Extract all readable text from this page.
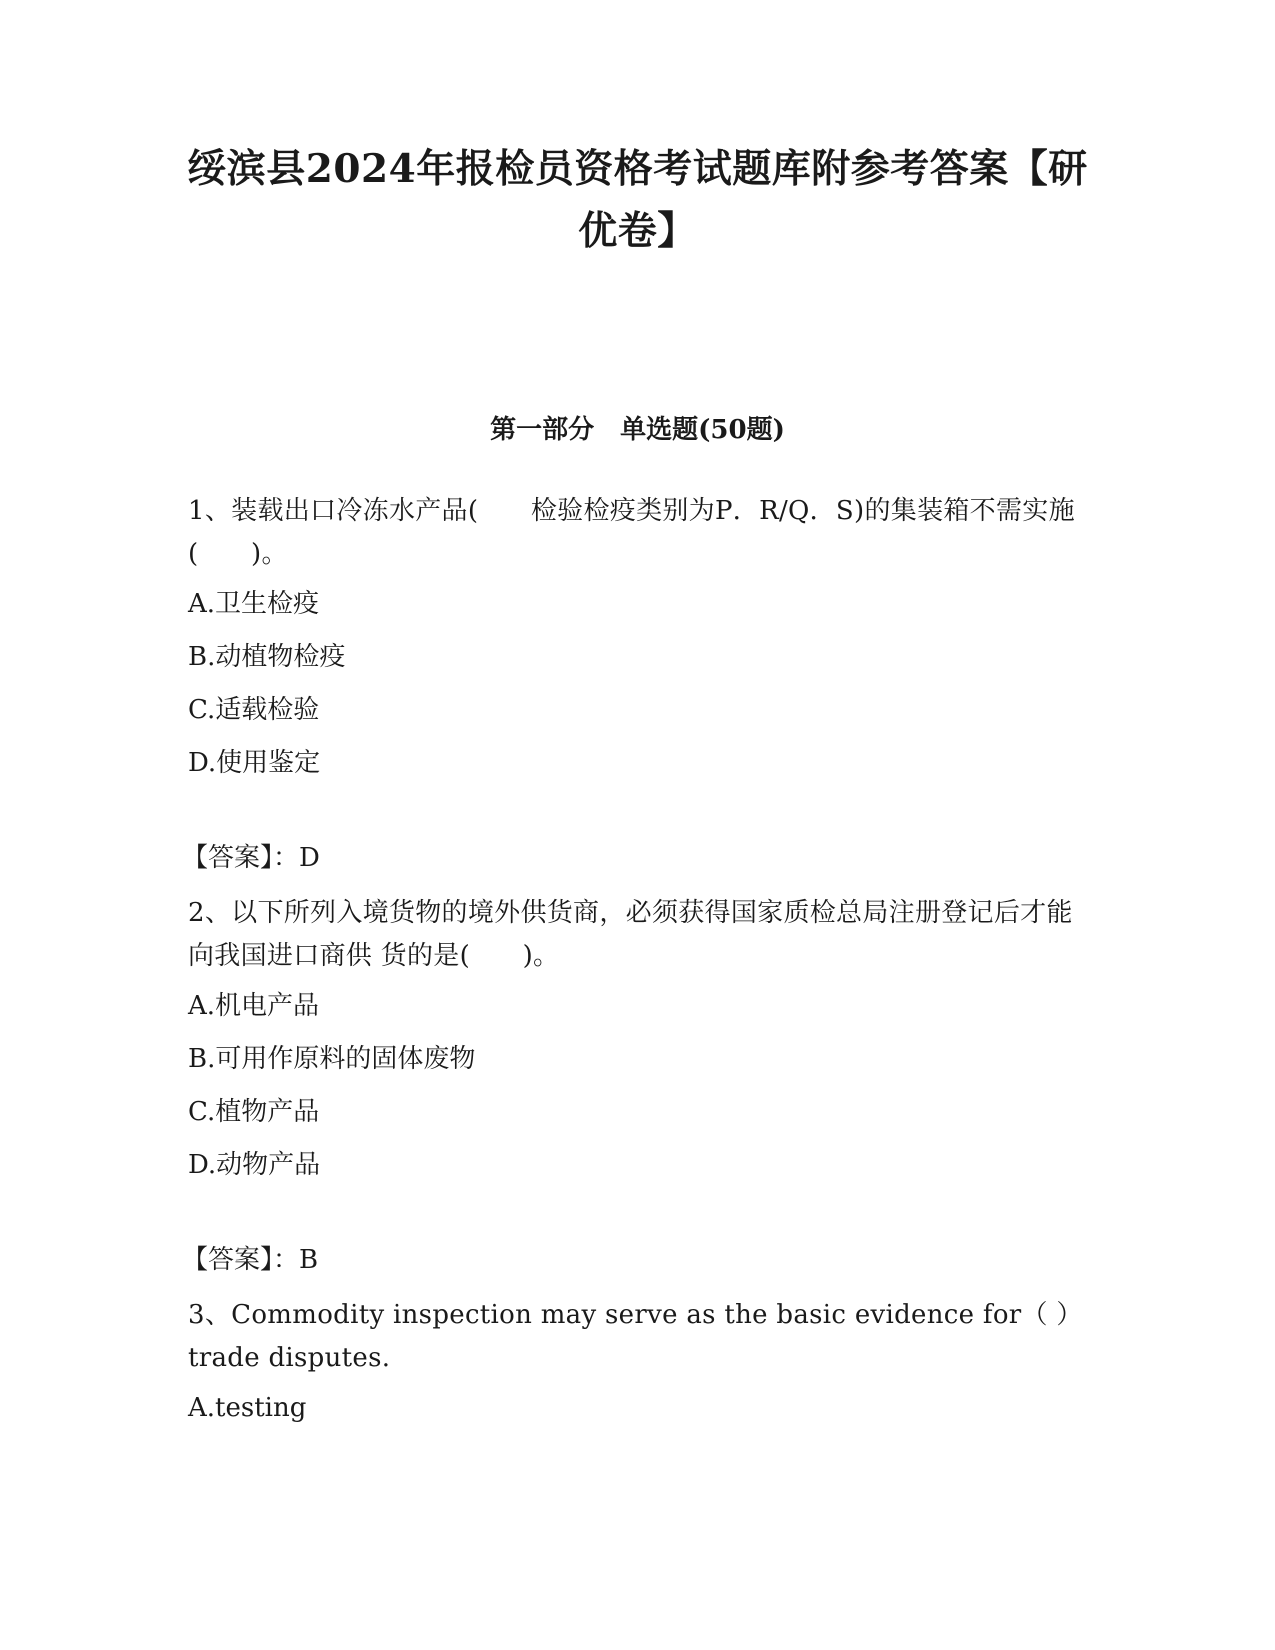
绥滨县2024年报检员资格考试题库附参考答案【研优卷】
第一部分　单选题(50题)

1、装载出口冷冻水产品(　　检验检疫类别为P．R/Q．S)的集装箱不需实施(　　)。

A.卫生检疫

B.动植物检疫

C.适载检验

D.使用鉴定

【答案】：D

2、以下所列入境货物的境外供货商，必须获得国家质检总局注册登记后才能向我国进口商供 货的是(　　)。

A.机电产品

B.可用作原料的固体废物

C.植物产品

D.动物产品

【答案】：B

3、Commodity inspection may serve as the basic evidence for（ ）trade disputes.

A.testing
